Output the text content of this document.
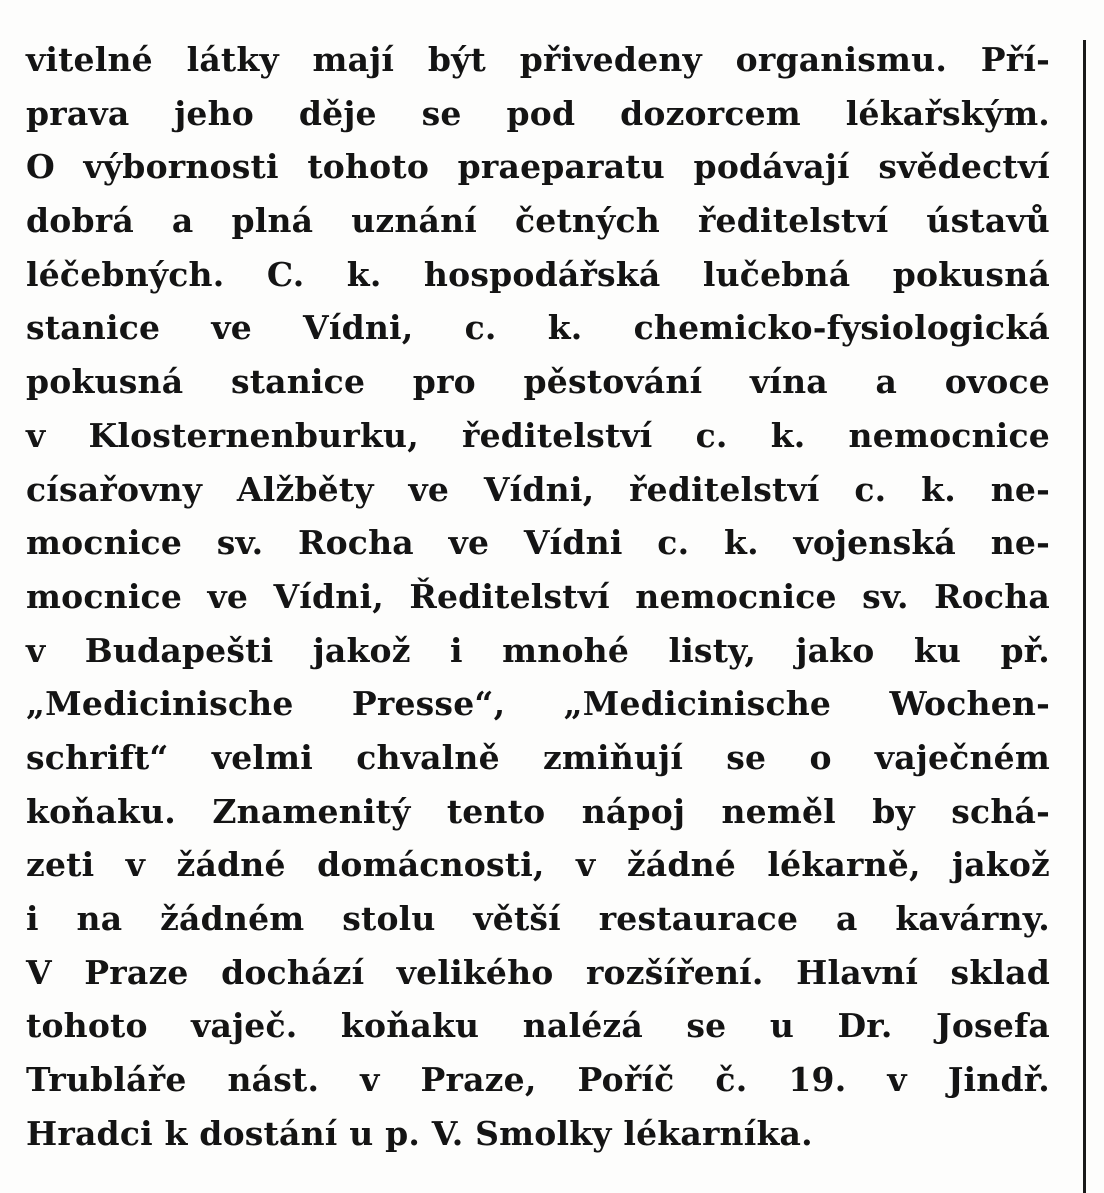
vitelné látky mají být přivedeny organismu. Pří-
prava jeho děje se pod dozorcem lékařským.
O výbornosti tohoto praeparatu podávají svědectví
dobrá a plná uznání četných ředitelství ústavů
léčebných. C. k. hospodářská lučebná pokusná
stanice ve Vídni, c. k. chemicko-fysiologická
pokusná stanice pro pěstování vína a ovoce
v Klosternenburku, ředitelství c. k. nemocnice
císařovny Alžběty ve Vídni, ředitelství c. k. ne-
mocnice sv. Rocha ve Vídni c. k. vojenská ne-
mocnice ve Vídni, Ředitelství nemocnice sv. Rocha
v Budapešti jakož i mnohé listy, jako ku př.
„Medicinische Presse“, „Medicinische Wochen-
schrift“ velmi chvalně zmiňují se o vaječném
koňaku. Znamenitý tento nápoj neměl by schá-
zeti v žádné domácnosti, v žádné lékarně, jakož
i na žádném stolu větší restaurace a kavárny.
V Praze dochází velikého rozšíření. Hlavní sklad
tohoto vaječ. koňaku nalézá se u Dr. Josefa
Trubláře nást. v Praze, Poříč č. 19. v Jindř.
Hradci k dostání u p. V. Smolky lékarníka.
